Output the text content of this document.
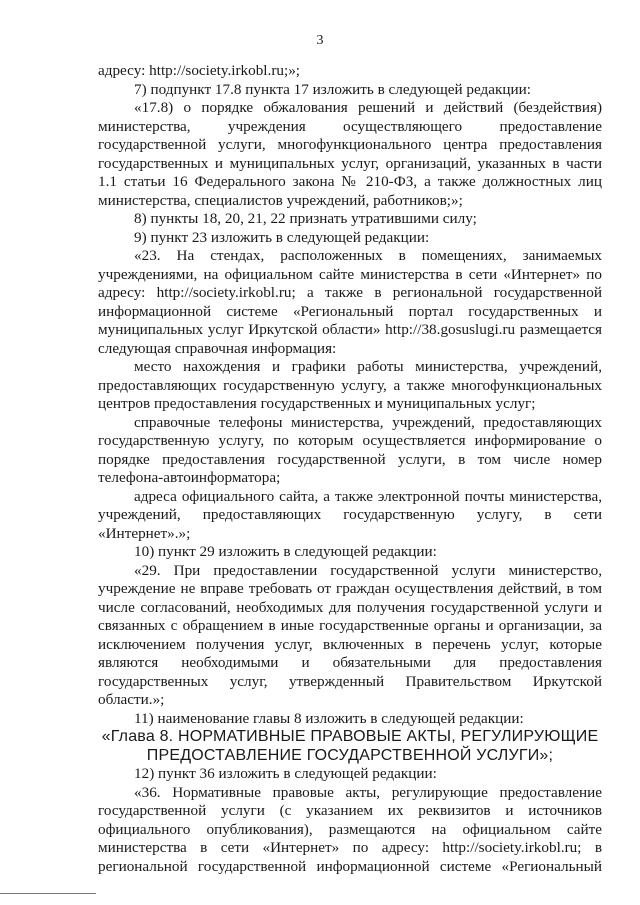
3
адресу: http://society.irkobl.ru;»;
7) подпункт 17.8 пункта 17 изложить в следующей редакции:
«17.8) о порядке обжалования решений и действий (бездействия)
министерства, учреждения осуществляющего предоставление
государственной услуги, многофункционального центра предоставления
государственных и муниципальных услуг, организаций, указанных в части
1.1 статьи 16 Федерального закона № 210-ФЗ, а также должностных лиц
министерства, специалистов учреждений, работников;»;
8) пункты 18, 20, 21, 22 признать утратившими силу;
9) пункт 23 изложить в следующей редакции:
«23. На стендах, расположенных в помещениях, занимаемых
учреждениями, на официальном сайте министерства в сети «Интернет» по
адресу: http://society.irkobl.ru; а также в региональной государственной
информационной системе «Региональный портал государственных и
муниципальных услуг Иркутской области» http://38.gosuslugi.ru размещается
следующая справочная информация:
место нахождения и графики работы министерства, учреждений,
предоставляющих государственную услугу, а также многофункциональных
центров предоставления государственных и муниципальных услуг;
справочные телефоны министерства, учреждений, предоставляющих
государственную услугу, по которым осуществляется информирование о
порядке предоставления государственной услуги, в том числе номер
телефона-автоинформатора;
адреса официального сайта, а также электронной почты министерства,
учреждений, предоставляющих государственную услугу, в сети
«Интернет».»;
10) пункт 29 изложить в следующей редакции:
«29. При предоставлении государственной услуги министерство,
учреждение не вправе требовать от граждан осуществления действий, в том
числе согласований, необходимых для получения государственной услуги и
связанных с обращением в иные государственные органы и организации, за
исключением получения услуг, включенных в перечень услуг, которые
являются необходимыми и обязательными для предоставления
государственных услуг, утвержденный Правительством Иркутской
области.»;
11) наименование главы 8 изложить в следующей редакции:
«Глава 8. НОРМАТИВНЫЕ ПРАВОВЫЕ АКТЫ, РЕГУЛИРУЮЩИЕ
ПРЕДОСТАВЛЕНИЕ ГОСУДАРСТВЕННОЙ УСЛУГИ»;
12) пункт 36 изложить в следующей редакции:
«36. Нормативные правовые акты, регулирующие предоставление
государственной услуги (с указанием их реквизитов и источников
официального опубликования), размещаются на официальном сайте
министерства в сети «Интернет» по адресу: http://society.irkobl.ru; в
региональной государственной информационной системе «Региональный
